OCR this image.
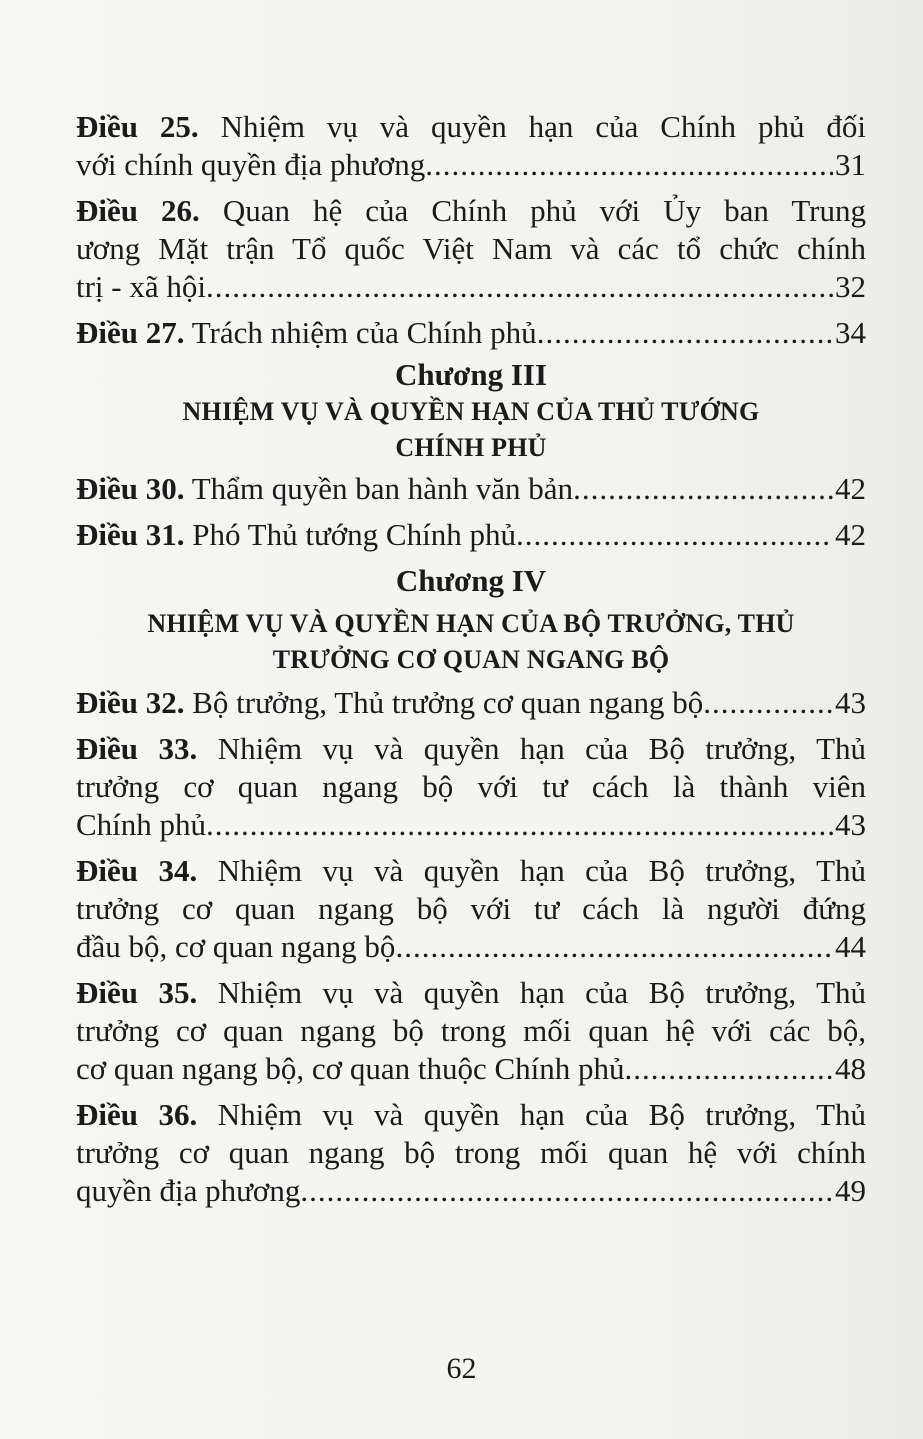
Điều 25. Nhiệm vụ và quyền hạn của Chính phủ đối
với chính quyền địa phương .....	31
Điều 26. Quan hệ của Chính phủ với Ủy ban Trung
ương Mặt trận Tổ quốc Việt Nam và các tổ chức chính
trị - xã hội .....	32
Điều 27. Trách nhiệm của Chính phủ .....	34
Chương III
NHIỆM VỤ VÀ QUYỀN HẠN CỦA THỦ TƯỚNG
CHÍNH PHỦ
Điều 30. Thẩm quyền ban hành văn bản .....	42
Điều 31. Phó Thủ tướng Chính phủ .....	42
Chương IV
NHIỆM VỤ VÀ QUYỀN HẠN CỦA BỘ TRƯỞNG, THỦ
TRƯỞNG CƠ QUAN NGANG BỘ
Điều 32. Bộ trưởng, Thủ trưởng cơ quan ngang bộ .....	43
Điều 33. Nhiệm vụ và quyền hạn của Bộ trưởng, Thủ
trưởng cơ quan ngang bộ với tư cách là thành viên
Chính phủ .....	43
Điều 34. Nhiệm vụ và quyền hạn của Bộ trưởng, Thủ
trưởng cơ quan ngang bộ với tư cách là người đứng
đầu bộ, cơ quan ngang bộ .....	44
Điều 35. Nhiệm vụ và quyền hạn của Bộ trưởng, Thủ
trưởng cơ quan ngang bộ trong mối quan hệ với các bộ,
cơ quan ngang bộ, cơ quan thuộc Chính phủ .....	48
Điều 36. Nhiệm vụ và quyền hạn của Bộ trưởng, Thủ
trưởng cơ quan ngang bộ trong mối quan hệ với chính
quyền địa phương .....	49
62
